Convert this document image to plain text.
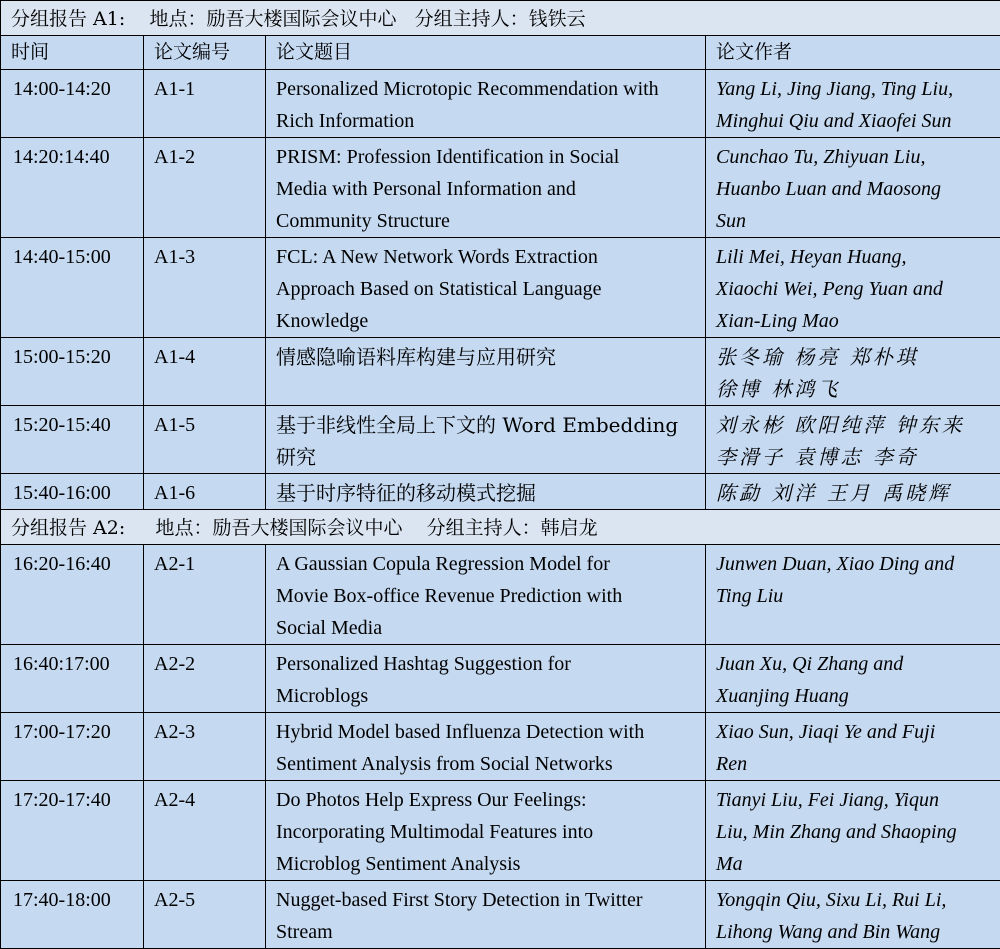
分组报告 A1: 地点：励吾大楼国际会议中心 分组主持人：钱铁云			
时间	论文编号	论文题目	论文作者
14:00-14:20	A1-1	Personalized Microtopic Recommendation with
Rich Information	Yang Li, Jing Jiang, Ting Liu,
Minghui Qiu and Xiaofei Sun

14:20:14:40	A1-2	PRISM: Profession Identification in Social
Media with Personal Information and
Community Structure	Cunchao Tu, Zhiyuan Liu,
Huanbo Luan and Maosong
Sun

14:40-15:00	A1-3	FCL: A New Network Words Extraction
Approach Based on Statistical Language
Knowledge	Lili Mei, Heyan Huang,
Xiaochi Wei, Peng Yuan and
Xian-Ling Mao

15:00-15:20	A1-4	情感隐喻语料库构建与应用研究	张冬瑜 杨亮 郑朴琪
徐博 林鸿飞

15:20-15:40	A1-5	基于非线性全局上下文的 Word Embedding
研究	刘永彬 欧阳纯萍 钟东来
李滑子 袁博志 李奇

15:40-16:00	A1-6	基于时序特征的移动模式挖掘	陈勐 刘洋 王月 禹晓辉

分组报告 A2: 地点：励吾大楼国际会议中心 分组主持人：韩启龙			
16:20-16:40	A2-1	A Gaussian Copula Regression Model for
Movie Box-office Revenue Prediction with
Social Media	Junwen Duan, Xiao Ding and
Ting Liu

16:40:17:00	A2-2	Personalized Hashtag Suggestion for
Microblogs	Juan Xu, Qi Zhang and
Xuanjing Huang

17:00-17:20	A2-3	Hybrid Model based Influenza Detection with
Sentiment Analysis from Social Networks	Xiao Sun, Jiaqi Ye and Fuji
Ren

17:20-17:40	A2-4	Do Photos Help Express Our Feelings:
Incorporating Multimodal Features into
Microblog Sentiment Analysis	Tianyi Liu, Fei Jiang, Yiqun
Liu, Min Zhang and Shaoping
Ma

17:40-18:00	A2-5	Nugget-based First Story Detection in Twitter
Stream	Yongqin Qiu, Sixu Li, Rui Li,
Lihong Wang and Bin Wang
